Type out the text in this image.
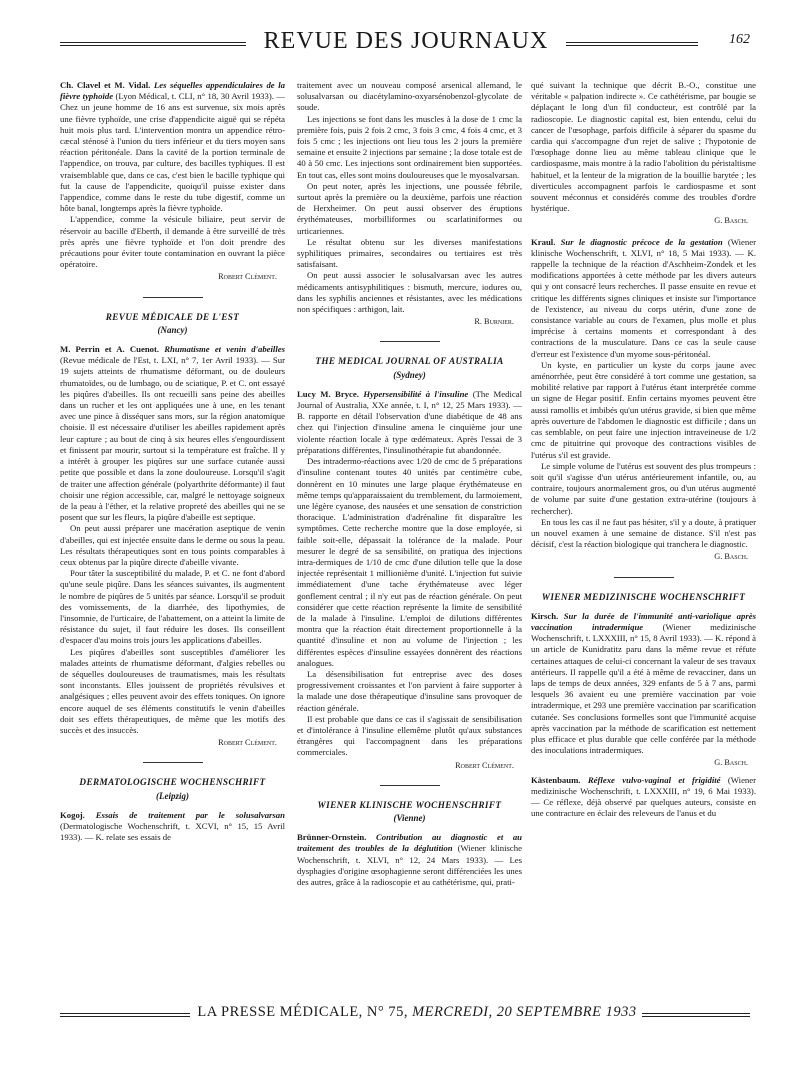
REVUE DES JOURNAUX	162

Ch. Clavel et M. Vidal. Les séquelles appendiculaires de la fièvre typhoïde (Lyon Médical, t. CLI, n° 18, 30 Avril 1933). — Chez un jeune homme de 16 ans est survenue, six mois après une fièvre typhoïde, une crise d'appendicite aiguë qui se répéta huit mois plus tard. L'intervention montra un appendice rétro-cæcal sténosé à l'union du tiers inférieur et du tiers moyen sans réaction péritonéale. Dans la cavité de la portion terminale de l'appendice, on trouva, par culture, des bacilles typhiques. Il est vraisemblable que, dans ce cas, c'est bien le bacille typhique qui fut la cause de l'appendicite, quoiqu'il puisse exister dans l'appendice, comme dans le reste du tube digestif, comme un hôte banal, longtemps après la fièvre typhoïde.

L'appendice, comme la vésicule biliaire, peut servir de réservoir au bacille d'Eberth, il demande à être surveillé de très près après une fièvre typhoïde et l'on doit prendre des précautions pour éviter toute contamination en ouvrant la pièce opératoire.

Robert Clément.
REVUE MÉDICALE DE L'EST
(Nancy)

M. Perrin et A. Cuenot. Rhumatisme et venin d'abeilles (Revue médicale de l'Est, t. LXI, n° 7, 1er Avril 1933). — Sur 19 sujets atteints de rhumatisme déformant, ou de douleurs rhumatoïdes, ou de lumbago, ou de sciatique, P. et C. ont essayé les piqûres d'abeilles. Ils ont recueilli sans peine des abeilles dans un rucher et les ont appliquées une à une, en les tenant avec une pince à disséquer sans mors, sur la région anatomique choisie. Il est nécessaire d'utiliser les abeilles rapidement après leur capture ; au bout de cinq à six heures elles s'engourdissent et finissent par mourir, surtout si la température est fraîche. Il y a intérêt à grouper les piqûres sur une surface cutanée aussi petite que possible et dans la zone douloureuse. Lorsqu'il s'agit de traiter une affection générale (polyarthrite déformante) il faut choisir une région accessible, car, malgré le nettoyage soigneux de la peau à l'éther, et la relative propreté des abeilles qui ne se posent que sur les fleurs, la piqûre d'abeille est septique.

On peut aussi préparer une macération aseptique de venin d'abeilles, qui est injectée ensuite dans le derme ou sous la peau. Les résultats thérapeutiques sont en tous points comparables à ceux obtenus par la piqûre directe d'abeille vivante.

Pour tâter la susceptibilité du malade, P. et C. ne font d'abord qu'une seule piqûre. Dans les séances suivantes, ils augmentent le nombre de piqûres de 5 unités par séance. Lorsqu'il se produit des vomissements, de la diarrhée, des lipothymies, de l'insomnie, de l'urticaire, de l'abattement, on a atteint la limite de résistance du sujet, il faut réduire les doses. Ils conseillent d'espacer d'au moins trois jours les applications d'abeilles.

Les piqûres d'abeilles sont susceptibles d'améliorer les malades atteints de rhumatisme déformant, d'algies rebelles ou de séquelles douloureuses de traumatismes, mais les résultats sont inconstants. Elles jouissent de propriétés révulsives et analgésiques ; elles peuvent avoir des effets toniques. On ignore encore auquel de ses éléments constitutifs le venin d'abeilles doit ses effets thérapeutiques, de même que les motifs des succès et des insuccès.

Robert Clément.
DERMATOLOGISCHE WOCHENSCHRIFT
(Leipzig)

Kogoj. Essais de traitement par le solusalvarsan (Dermatologische Wochenschrift, t. XCVI, n° 15, 15 Avril 1933). — K. relate ses essais de

traitement avec un nouveau composé arsenical allemand, le solusalvarsan ou diacétylamino-oxyarsénobenzol-glycolate de soude.

Les injections se font dans les muscles à la dose de 1 cmc la première fois, puis 2 fois 2 cmc, 3 fois 3 cmc, 4 fois 4 cmc, et 3 fois 5 cmc ; les injections ont lieu tous les 2 jours la première semaine et ensuite 2 injections par semaine ; la dose totale est de 40 à 50 cmc. Les injections sont ordinairement bien supportées. En tout cas, elles sont moins douloureuses que le myosalvarsan.

On peut noter, après les injections, une poussée fébrile, surtout après la première ou la deuxième, parfois une réaction de Herxheimer. On peut aussi observer des éruptions érythémateuses, morbilliformes ou scarlatiniformes ou urticariennes.

Le résultat obtenu sur les diverses manifestations syphilitiques primaires, secondaires ou tertiaires est très satisfaisant.

On peut aussi associer le solusalvarsan avec les autres médicaments antisyphilitiques : bismuth, mercure, iodures ou, dans les syphilis anciennes et résistantes, avec les médications non spécifiques : arthigon, lait.

R. Burnier.
THE MEDICAL JOURNAL OF AUSTRALIA
(Sydney)

Lucy M. Bryce. Hypersensibilité à l'insuline (The Medical Journal of Australia, XXe année, t. I, n° 12, 25 Mars 1933). — B. rapporte en détail l'observation d'une diabétique de 48 ans chez qui l'injection d'insuline amena le cinquième jour une violente réaction locale à type œdémateux. Après l'essai de 3 préparations différentes, l'insulinothérapie fut abandonnée.

Des intradermo-réactions avec 1/20 de cmc de 5 préparations d'insuline contenant toutes 40 unités par centimètre cube, donnèrent en 10 minutes une large plaque érythémateuse en même temps qu'apparaissaient du tremblement, du larmoiement, une légère cyanose, des nausées et une sensation de constriction thoracique. L'administration d'adrénaline fit disparaître les symptômes. Cette recherche montre que la dose employée, si faible soit-elle, dépassait la tolérance de la malade. Pour mesurer le degré de sa sensibilité, on pratiqua des injections intra-dermiques de 1/10 de cmc d'une dilution telle que la dose injectée représentait 1 millionième d'unité. L'injection fut suivie immédiatement d'une tache érythémateuse avec léger gonflement central ; il n'y eut pas de réaction générale. On peut considérer que cette réaction représente la limite de sensibilité de la malade à l'insuline. L'emploi de dilutions différentes montra que la réaction était directement proportionnelle à la quantité d'insuline et non au volume de l'injection ; les différentes espèces d'insuline essayées donnèrent des réactions analogues.

La désensibilisation fut entreprise avec des doses progressivement croissantes et l'on parvient à faire supporter à la malade une dose thérapeutique d'insuline sans provoquer de réaction générale.

Il est probable que dans ce cas il s'agissait de sensibilisation et d'intolérance à l'insuline ellemême plutôt qu'aux substances étrangères qui l'accompagnent dans les préparations commerciales.

Robert Clément.
WIENER KLINISCHE WOCHENSCHRIFT
(Vienne)

Brünner-Ornstein. Contribution au diagnostic et au traitement des troubles de la déglutition (Wiener klinische Wochenschrift, t. XLVI, n° 12, 24 Mars 1933). — Les dysphagies d'origine œsophagienne seront différenciées les unes des autres, grâce à la radioscopie et au cathétérisme, qui, prati-

qué suivant la technique que décrit B.-O., constitue une véritable « palpation indirecte ». Ce cathétérisme, par bougie se déplaçant le long d'un fil conducteur, est contrôlé par la radioscopie. Le diagnostic capital est, bien entendu, celui du cancer de l'œsophage, parfois difficile à séparer du spasme du cardia qui s'accompagne d'un rejet de salive ; l'hypotonie de l'œsophage donne lieu au même tableau clinique que le cardiospasme, mais montre à la radio l'abolition du péristaltisme habituel, et la lenteur de la migration de la bouillie barytée ; les diverticules accompagnent parfois le cardiospasme et sont souvent méconnus et considérés comme des troubles d'ordre hystérique.

G. Basch.

Kraul. Sur le diagnostic précoce de la gestation (Wiener klinische Wochenschrift, t. XLVI, n° 18, 5 Mai 1933). — K. rappelle la technique de la réaction d'Aschheim-Zondek et les modifications apportées à cette méthode par les divers auteurs qui y ont consacré leurs recherches. Il passe ensuite en revue et critique les différents signes cliniques et insiste sur l'importance de l'existence, au niveau du corps utérin, d'une zone de consistance variable au cours de l'examen, plus molle et plus imprécise à certains moments et correspondant à des contractions de la musculature. Dans ce cas la seule cause d'erreur est l'existence d'un myome sous-péritonéal.

Un kyste, en particulier un kyste du corps jaune avec aménorrhée, peut être considéré à tort comme une gestation, sa mobilité relative par rapport à l'utérus étant interprétée comme un signe de Hegar positif. Enfin certains myomes peuvent être aussi ramollis et imbibés qu'un utérus gravide, si bien que même après ouverture de l'abdomen le diagnostic est difficile ; dans un cas semblable, on peut faire une injection intraveineuse de 1/2 cmc de pituitrine qui provoque des contractions visibles de l'utérus s'il est gravide.

Le simple volume de l'utérus est souvent des plus trompeurs : soit qu'il s'agisse d'un utérus antérieurement infantile, ou, au contraire, toujours anormalement gros, ou d'un utérus augmenté de volume par suite d'une gestation extra-utérine (toujours à rechercher).

En tous les cas il ne faut pas hésiter, s'il y a doute, à pratiquer un nouvel examen à une semaine de distance. S'il n'est pas décisif, c'est la réaction biologique qui tranchera le diagnostic.

G. Basch.
WIENER MEDIZINISCHE WOCHENSCHRIFT

Kirsch. Sur la durée de l'immunité anti-variolique après vaccination intradermique (Wiener medizinische Wochenschrift, t. LXXXIII, n° 15, 8 Avril 1933). — K. répond à un article de Kunidratitz paru dans la même revue et réfute certaines attaques de celui-ci concernant la valeur de ses travaux antérieurs. Il rappelle qu'il a été à même de revacciner, dans un laps de temps de deux années, 329 enfants de 5 à 7 ans, parmi lesquels 36 avaient eu une première vaccination par voie intradermique, et 293 une première vaccination par scarification cutanée. Ses conclusions formelles sont que l'immunité acquise après vaccination par la méthode de scarification est nettement plus efficace et plus durable que celle conférée par la méthode des inoculations intradermiques.

G. Basch.

Kästenbaum. Réflexe vulvo-vaginal et frigidité (Wiener medizinische Wochenschrift, t. LXXXIII, n° 19, 6 Mai 1933). — Ce réflexe, déjà observé par quelques auteurs, consiste en une contracture en éclair des releveurs de l'anus et du

LA PRESSE MÉDICALE, N° 75, MERCREDI, 20 SEPTEMBRE 1933
